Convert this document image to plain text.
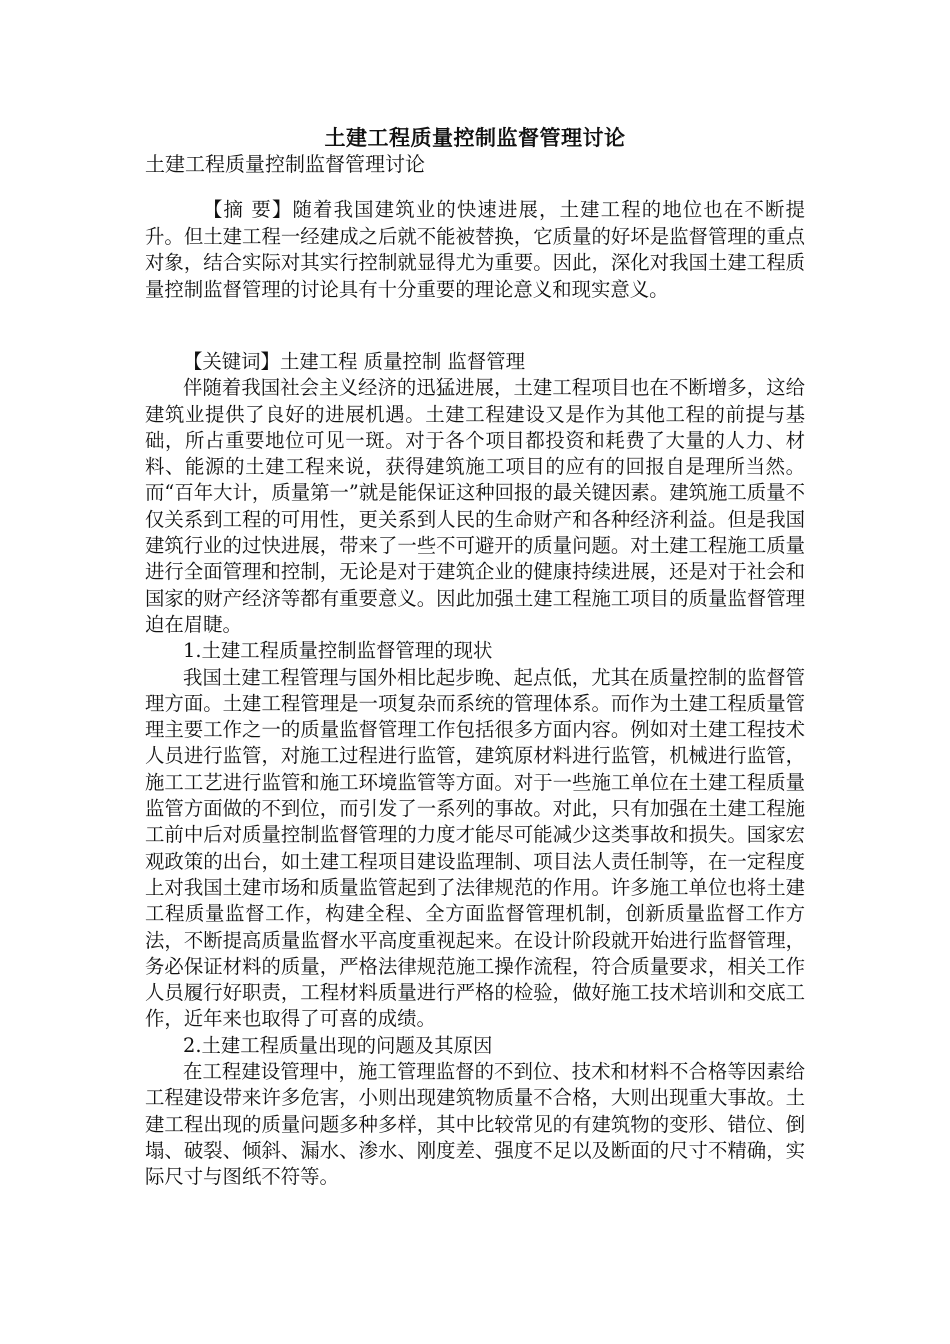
土建工程质量控制监督管理讨论
土建工程质量控制监督管理讨论

【摘 要】随着我国建筑业的快速进展，土建工程的地位也在不断提升。但土建工程一经建成之后就不能被替换，它质量的好坏是监督管理的重点对象，结合实际对其实行控制就显得尤为重要。因此，深化对我国土建工程质量控制监督管理的讨论具有十分重要的理论意义和现实意义。

【关键词】土建工程 质量控制 监督管理

伴随着我国社会主义经济的迅猛进展，土建工程项目也在不断增多，这给建筑业提供了良好的进展机遇。土建工程建设又是作为其他工程的前提与基础，所占重要地位可见一斑。对于各个项目都投资和耗费了大量的人力、材料、能源的土建工程来说，获得建筑施工项目的应有的回报自是理所当然。而“百年大计，质量第一”就是能保证这种回报的最关键因素。建筑施工质量不仅关系到工程的可用性，更关系到人民的生命财产和各种经济利益。但是我国建筑行业的过快进展，带来了一些不可避开的质量问题。对土建工程施工质量进行全面管理和控制，无论是对于建筑企业的健康持续进展，还是对于社会和国家的财产经济等都有重要意义。因此加强土建工程施工项目的质量监督管理迫在眉睫。

1.土建工程质量控制监督管理的现状

我国土建工程管理与国外相比起步晚、起点低，尤其在质量控制的监督管理方面。土建工程管理是一项复杂而系统的管理体系。而作为土建工程质量管理主要工作之一的质量监督管理工作包括很多方面内容。例如对土建工程技术人员进行监管，对施工过程进行监管，建筑原材料进行监管，机械进行监管，施工工艺进行监管和施工环境监管等方面。对于一些施工单位在土建工程质量监管方面做的不到位，而引发了一系列的事故。对此，只有加强在土建工程施工前中后对质量控制监督管理的力度才能尽可能减少这类事故和损失。国家宏观政策的出台，如土建工程项目建设监理制、项目法人责任制等，在一定程度上对我国土建市场和质量监管起到了法律规范的作用。许多施工单位也将土建工程质量监督工作，构建全程、全方面监督管理机制，创新质量监督工作方法，不断提高质量监督水平高度重视起来。在设计阶段就开始进行监督管理，务必保证材料的质量，严格法律规范施工操作流程，符合质量要求，相关工作人员履行好职责，工程材料质量进行严格的检验，做好施工技术培训和交底工作，近年来也取得了可喜的成绩。

2.土建工程质量出现的问题及其原因

在工程建设管理中，施工管理监督的不到位、技术和材料不合格等因素给工程建设带来许多危害，小则出现建筑物质量不合格，大则出现重大事故。土建工程出现的质量问题多种多样，其中比较常见的有建筑物的变形、错位、倒塌、破裂、倾斜、漏水、渗水、刚度差、强度不足以及断面的尺寸不精确，实际尺寸与图纸不符等。
